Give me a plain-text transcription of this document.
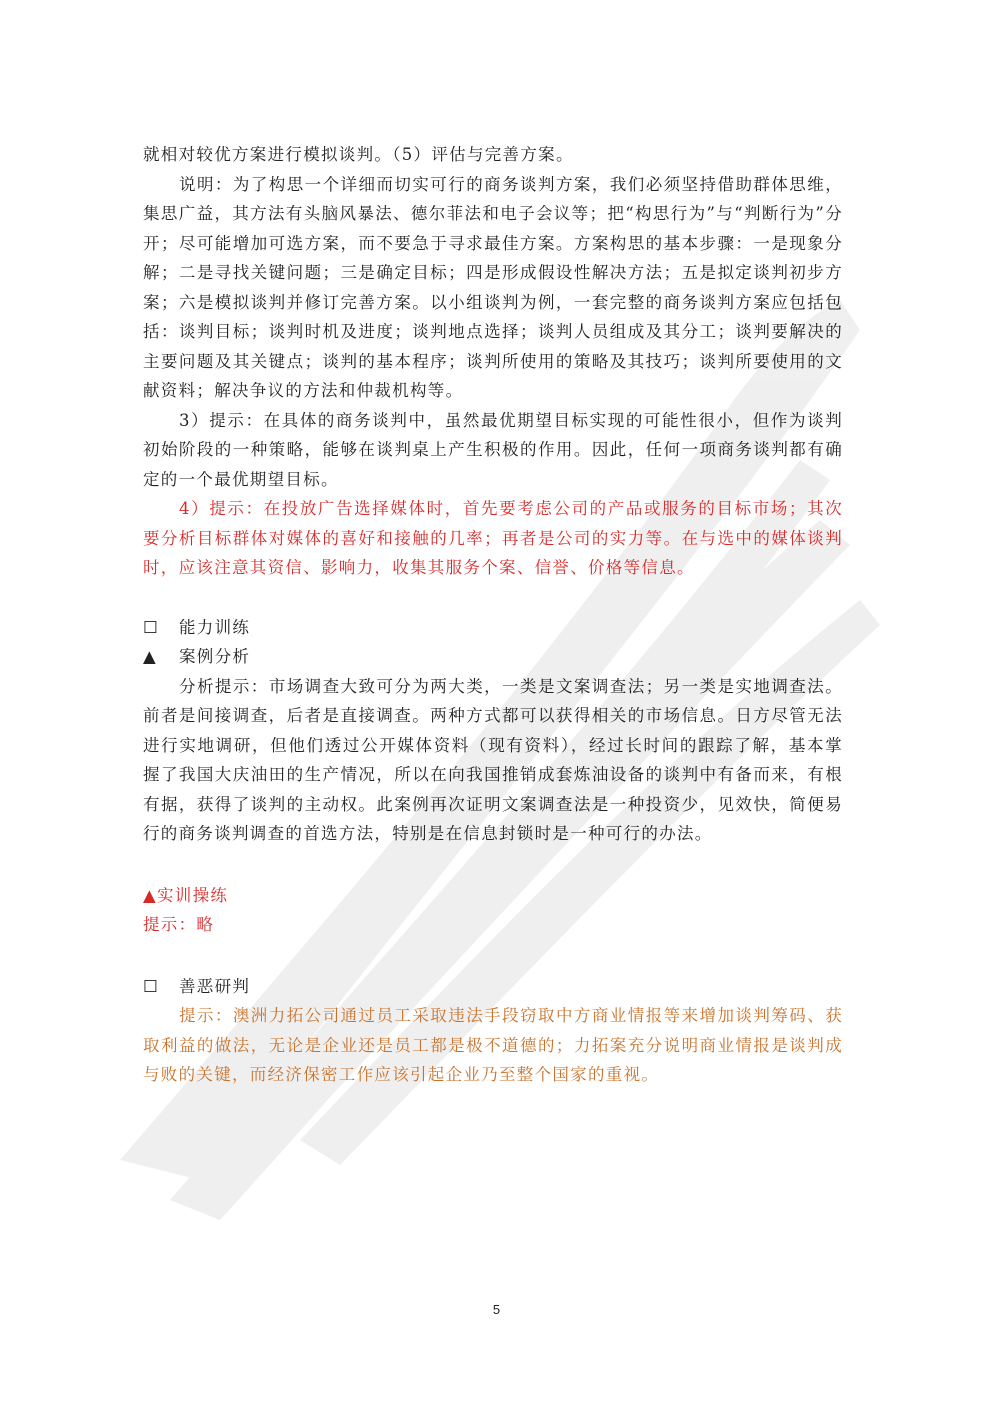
就相对较优方案进行模拟谈判。（5）评估与完善方案。

说明：为了构思一个详细而切实可行的商务谈判方案，我们必须坚持借助群体思维，集思广益，其方法有头脑风暴法、德尔菲法和电子会议等；把“构思行为”与“判断行为”分开；尽可能增加可选方案，而不要急于寻求最佳方案。方案构思的基本步骤：一是现象分解；二是寻找关键问题；三是确定目标；四是形成假设性解决方法；五是拟定谈判初步方案；六是模拟谈判并修订完善方案。以小组谈判为例，一套完整的商务谈判方案应包括包括：谈判目标；谈判时机及进度；谈判地点选择；谈判人员组成及其分工；谈判要解决的主要问题及其关键点；谈判的基本程序；谈判所使用的策略及其技巧；谈判所要使用的文献资料；解决争议的方法和仲裁机构等。

3）提示：在具体的商务谈判中，虽然最优期望目标实现的可能性很小，但作为谈判初始阶段的一种策略，能够在谈判桌上产生积极的作用。因此，任何一项商务谈判都有确定的一个最优期望目标。

4）提示：在投放广告选择媒体时，首先要考虑公司的产品或服务的目标市场；其次要分析目标群体对媒体的喜好和接触的几率；再者是公司的实力等。在与选中的媒体谈判时，应该注意其资信、影响力，收集其服务个案、信誉、价格等信息。

☐	能力训练
▲	案例分析

分析提示：市场调查大致可分为两大类，一类是文案调查法；另一类是实地调查法。前者是间接调查，后者是直接调查。两种方式都可以获得相关的市场信息。日方尽管无法进行实地调研，但他们透过公开媒体资料（现有资料），经过长时间的跟踪了解，基本掌握了我国大庆油田的生产情况，所以在向我国推销成套炼油设备的谈判中有备而来，有根有据，获得了谈判的主动权。此案例再次证明文案调查法是一种投资少，见效快，简便易行的商务谈判调查的首选方法，特别是在信息封锁时是一种可行的办法。

▲实训操练

提示：略

☐	善恶研判

提示：澳洲力拓公司通过员工采取违法手段窃取中方商业情报等来增加谈判筹码、获取利益的做法，无论是企业还是员工都是极不道德的；力拓案充分说明商业情报是谈判成与败的关键，而经济保密工作应该引起企业乃至整个国家的重视。

5
